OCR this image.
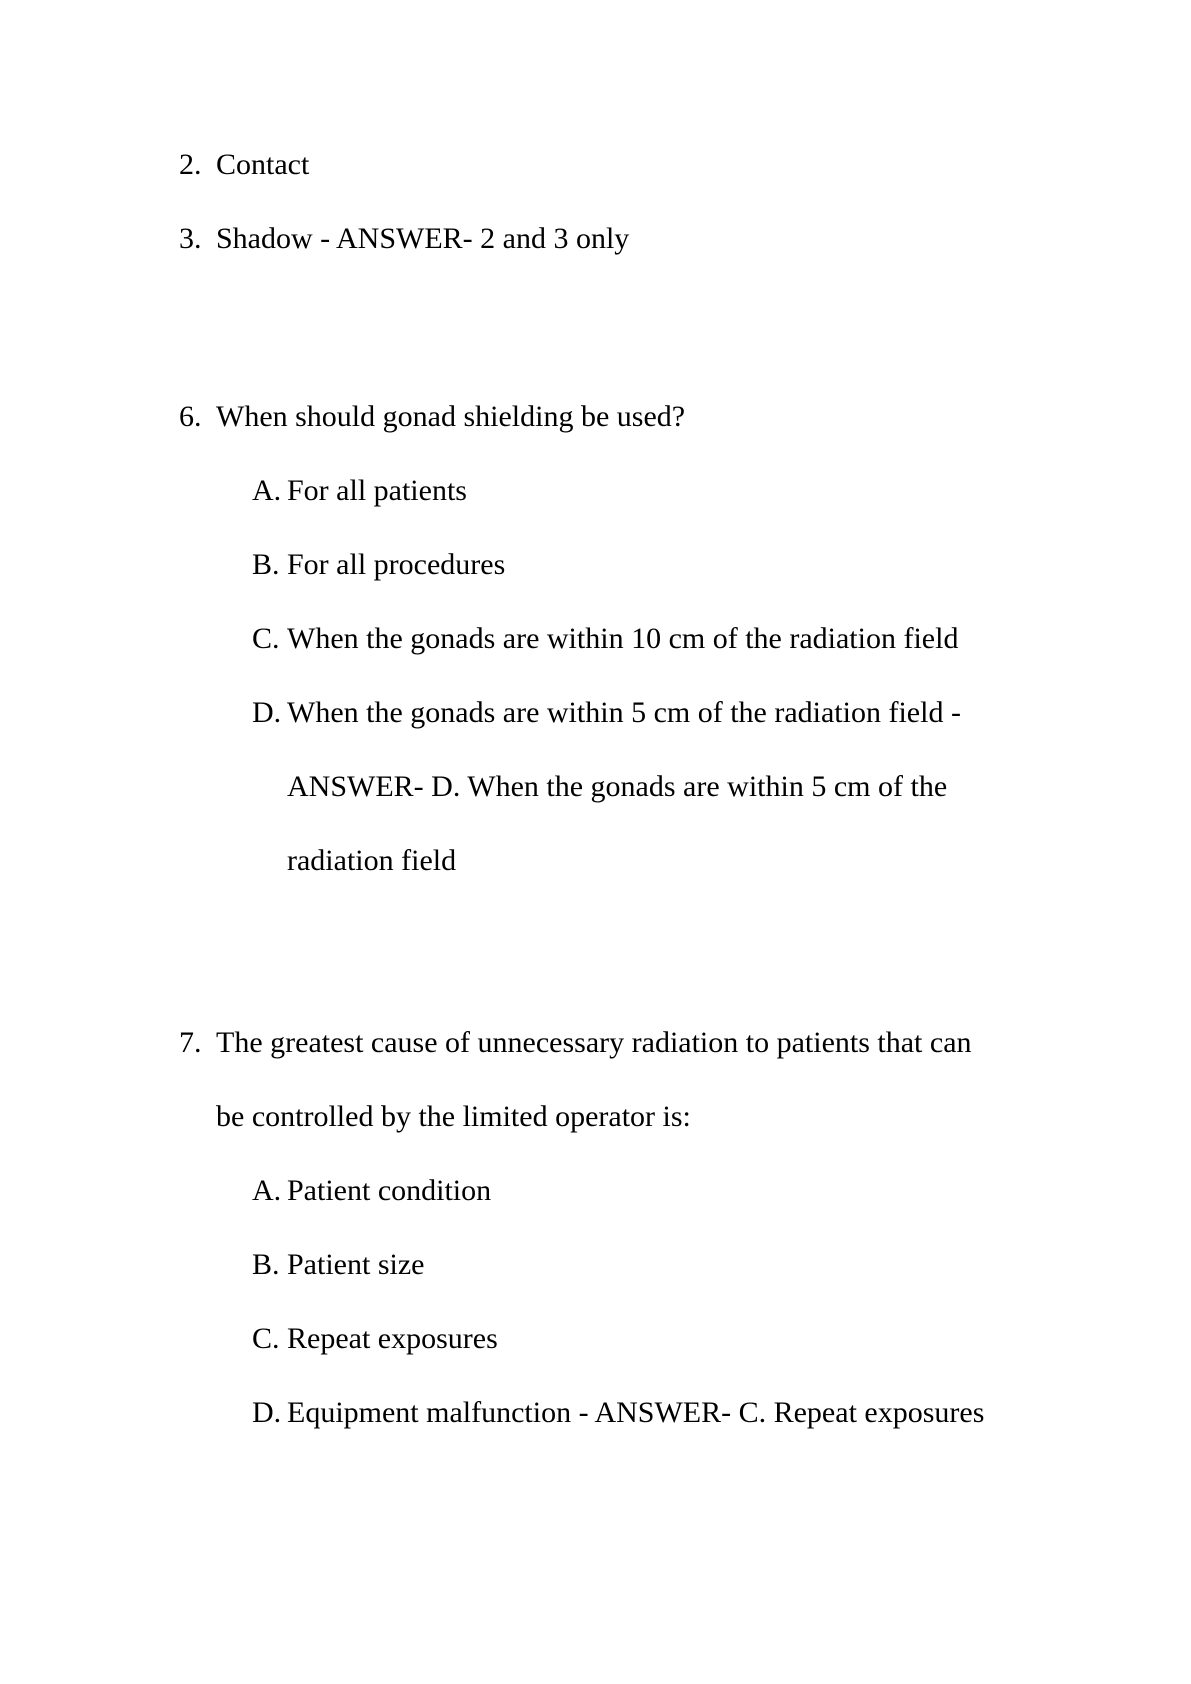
2. Contact
3. Shadow - ANSWER- 2 and 3 only
6. When should gonad shielding be used?
A. For all patients
B. For all procedures
C. When the gonads are within 10 cm of the radiation field
D. When the gonads are within 5 cm of the radiation field -
ANSWER- D. When the gonads are within 5 cm of the
radiation field
7. The greatest cause of unnecessary radiation to patients that can
be controlled by the limited operator is:
A. Patient condition
B. Patient size
C. Repeat exposures
D. Equipment malfunction - ANSWER- C. Repeat exposures
